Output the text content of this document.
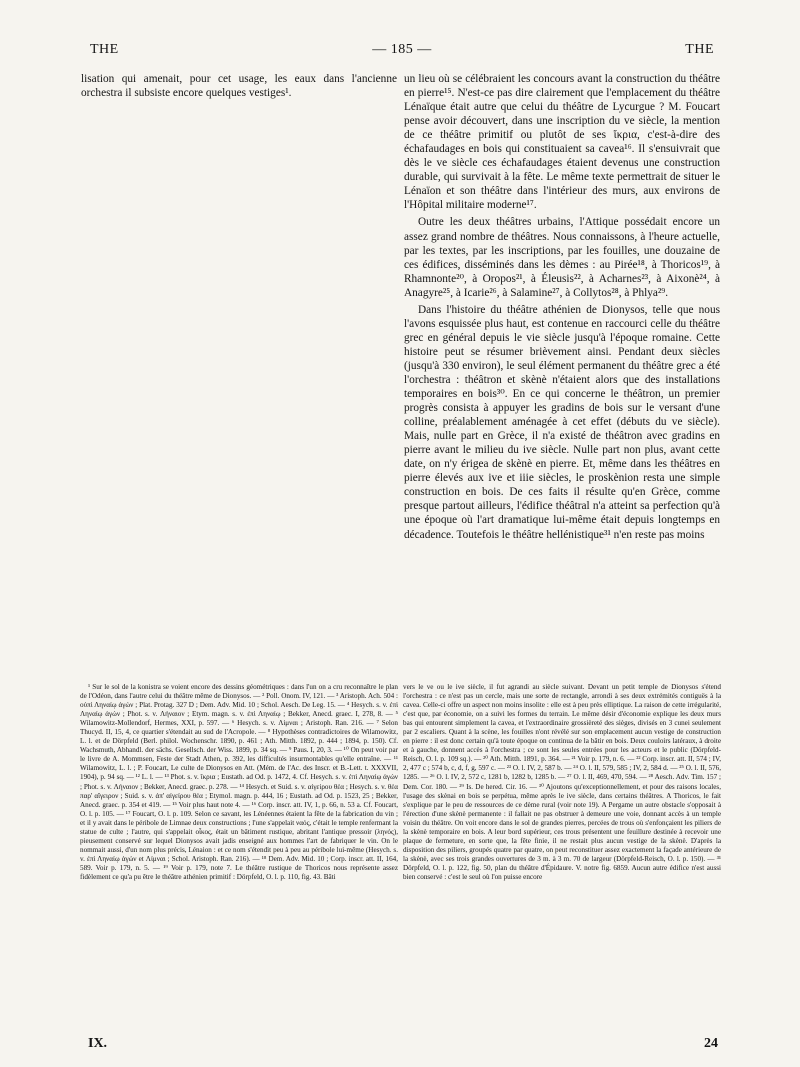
THE	— 185 —	THE

lisation qui amenait, pour cet usage, les eaux dans l'ancienne orchestra il subsiste encore quelques vestiges¹.

un lieu où se célébraient les concours avant la construction du théâtre en pierre¹⁵. N'est-ce pas dire clairement que l'emplacement du théâtre Lénaïque était autre que celui du théâtre de Lycurgue ? M. Foucart pense avoir découvert, dans une inscription du ve siècle, la mention de ce théâtre primitif ou plutôt de ses ἴκρια, c'est-à-dire des échafaudages en bois qui constituaient sa cavea¹⁶. Il s'ensuivrait que dès le ve siècle ces échafaudages étaient devenus une construction durable, qui survivait à la fête. Le même texte permettrait de situer le Lénaïon et son théâtre dans l'intérieur des murs, aux environs de l'Hôpital militaire moderne¹⁷.

Outre les deux théâtres urbains, l'Attique possédait encore un assez grand nombre de théâtres. Nous connaissons, à l'heure actuelle, par les textes, par les inscriptions, par les fouilles, une douzaine de ces édifices, disséminés dans les dèmes : au Pirée¹⁸, à Thoricos¹⁹, à Rhamnonte²⁰, à Oropos²¹, à Éleusis²², à Acharnes²³, à Aixonè²⁴, à Anagyre²⁵, à Icarie²⁶, à Salamine²⁷, à Collytos²⁸, à Phlya²⁹.

Dans l'histoire du théâtre athénien de Dionysos, telle que nous l'avons esquissée plus haut, est contenue en raccourci celle du théâtre grec en général depuis le vie siècle jusqu'à l'époque romaine. Cette histoire peut se résumer brièvement ainsi. Pendant deux siècles (jusqu'à 330 environ), le seul élément permanent du théâtre grec a été l'orchestra : théâtron et skènè n'étaient alors que des installations temporaires en bois³⁰. En ce qui concerne le théâtron, un premier progrès consista à appuyer les gradins de bois sur le versant d'une colline, préalablement aménagée à cet effet (débuts du ve siècle). Mais, nulle part en Grèce, il n'a existé de théâtron avec gradins en pierre avant le milieu du ive siècle. Nulle part non plus, avant cette date, on n'y érigea de skènè en pierre. Et, même dans les théâtres en pierre élevés aux ive et iiie siècles, le proskènion resta une simple construction en bois. De ces faits il résulte qu'en Grèce, comme presque partout ailleurs, l'édifice théâtral n'a atteint sa perfection qu'à une époque où l'art dramatique lui-même était depuis longtemps en décadence. Toutefois le théâtre hellénistique³¹ n'en reste pas moins

¹ Sur le sol de la konistra se voient encore des dessins géométriques : dans l'un on a cru reconnaître le plan de l'Odéon, dans l'autre celui du théâtre même de Dionysos. — ² Poll. Onom. IV, 121. — ³ Aristoph. Ach. 504 : οὑπὶ Ληναίῳ ἀγών ; Plat. Protag. 327 D ; Dem. Adv. Mid. 10 ; Schol. Aesch. De Leg. 15. — ⁴ Hesych. s. v. ἐπὶ Ληναίῳ ἀγών ; Phot. s. v. Λήναιον ; Etym. magn. s. v. ἐπὶ Ληναίῳ ; Bekker, Anecd. graec. I, 278, 8. — ⁵ Wilamowitz-Mollendorf, Hermes, XXI, p. 597. — ⁶ Hesych. s. v. Λίμναι ; Aristoph. Ran. 216. — ⁷ Selon Thucyd. II, 15, 4, ce quartier s'étendait au sud de l'Acropole. — ⁸ Hypothèses contradictoires de Wilamowitz, L. l. et de Dörpfeld (Berl. philol. Wochenschr. 1890, p. 461 ; Ath. Mitth. 1892, p. 444 ; 1894, p. 150). Cf. Wachsmuth, Abhandl. der sächs. Gesellsch. der Wiss. 1899, p. 34 sq. — ⁹ Paus. I, 20, 3. — ¹⁰ On peut voir par le livre de A. Mommsen, Feste der Stadt Athen, p. 392, les difficultés insurmontables qu'elle entraîne. — ¹¹ Wilamowitz, L. l. ; P. Foucart, Le culte de Dionysos en Att. (Mém. de l'Ac. des Inscr. et B.-Lett. t. XXXVII, 1904), p. 94 sq. — ¹² L. l. — ¹³ Phot. s. v. ἴκρια ; Eustath. ad Od. p. 1472, 4. Cf. Hesych. s. v. ἐπὶ Ληναίῳ ἀγών ; Phot. s. v. Λήναιον ; Bekker, Anecd. graec. p. 278. — ¹⁴ Hesych. et Suid. s. v. αἰγείρου θέα ; Hesych. s. v. θέα παρ' αἴγειρον ; Suid. s. v. ἀπ' αἰγείρου θέα ; Etymol. magn. p. 444, 16 ; Eustath. ad Od. p. 1523, 25 ; Bekker, Anecd. graec. p. 354 et 419. — ¹⁵ Voir plus haut note 4. — ¹⁶ Corp. inscr. att. IV, 1, p. 66, n. 53 a. Cf. Foucart, O. l. p. 105. — ¹⁷ Foucart, O. l. p. 109. Selon ce savant, les Lénéennes étaient la fête de la fabrication du vin ; et il y avait dans le péribole de Limnae deux constructions ; l'une s'appelait ναός, c'était le temple renfermant la statue de culte ; l'autre, qui s'appelait οἶκος, était un bâtiment rustique, abritant l'antique pressoir (ληνός), pieusement conservé sur lequel Dionysos avait jadis enseigné aux hommes l'art de fabriquer le vin. On le nommait aussi, d'un nom plus précis, Lénaion : et ce nom s'étendit peu à peu au péribole lui-même (Hesych. s. v. ἐπὶ Ληναίῳ ἀγών et Λίμναι ; Schol. Aristoph. Ran. 216). — ¹⁸ Dem. Adv. Mid. 10 ; Corp. inscr. att. II, 164, 589. Voir p. 179, n. 5. — ¹⁹ Voir p. 179, note 7. Le théâtre rustique de Thoricos nous représente assez fidèlement ce qu'a pu être le théâtre athénien primitif : Dörpfeld, O. l. p. 110, fig. 43. Bâti

vers le ve ou le ive siècle, il fut agrandi au siècle suivant. Devant un petit temple de Dionysos s'étend l'orchestra : ce n'est pas un cercle, mais une sorte de rectangle, arrondi à ses deux extrémités contiguës à la cavea. Celle-ci offre un aspect non moins insolite : elle est à peu près elliptique. La raison de cette irrégularité, c'est que, par économie, on a suivi les formes du terrain. Le même désir d'économie explique les deux murs bas qui entourent simplement la cavea, et l'extraordinaire grossièreté des sièges, divisés en 3 cunei seulement par 2 escaliers. Quant à la scène, les fouilles n'ont révélé sur son emplacement aucun vestige de construction en pierre : il est donc certain qu'à toute époque on continua de la bâtir en bois. Deux couloirs latéraux, à droite et à gauche, donnent accès à l'orchestra ; ce sont les seules entrées pour les acteurs et le public (Dörpfeld-Reisch, O. l. p. 109 sq.). — ²⁰ Ath. Mitth. 1891, p. 364. — ²¹ Voir p. 179, n. 6. — ²² Corp. inscr. att. II, 574 ; IV, 2, 477 c ; 574 b, c, d, f, g, 597 c. — ²³ O. l. IV, 2, 587 b. — ²⁴ O. l. II, 579, 585 ; IV, 2, 584 d. — ²⁵ O. l. II, 576, 1285. — ²⁶ O. l. IV, 2, 572 c, 1281 b, 1282 b, 1285 b. — ²⁷ O. l. II, 469, 470, 594. — ²⁸ Aesch. Adv. Tim. 157 ; Dem. Cor. 180. — ²⁹ Is. De hered. Cir. 16. — ³⁰ Ajoutons qu'exceptionnellement, et pour des raisons locales, l'usage des skènai en bois se perpétua, même après le ive siècle, dans certains théâtres. A Thoricos, le fait s'explique par le peu de ressources de ce dème rural (voir note 19). A Pergame un autre obstacle s'opposait à l'érection d'une skènè permanente : il fallait ne pas obstruer à demeure une voie, donnant accès à un temple voisin du théâtre. On voit encore dans le sol de grandes pierres, percées de trous où s'enfonçaient les piliers de la skènè temporaire en bois. A leur bord supérieur, ces trous présentent une feuillure destinée à recevoir une plaque de fermeture, en sorte que, la fête finie, il ne restait plus aucun vestige de la skènè. D'après la disposition des piliers, groupés quatre par quatre, on peut reconstituer assez exactement la façade antérieure de la skènè, avec ses trois grandes ouvertures de 3 m. à 3 m. 70 de largeur (Dörpfeld-Reisch, O. l. p. 150). — ³¹ Dörpfeld, O. l. p. 122, fig. 50, plan du théâtre d'Épidaure. V. notre fig. 6859. Aucun autre édifice n'est aussi bien conservé : c'est le seul où l'on puisse encore

IX.	24
